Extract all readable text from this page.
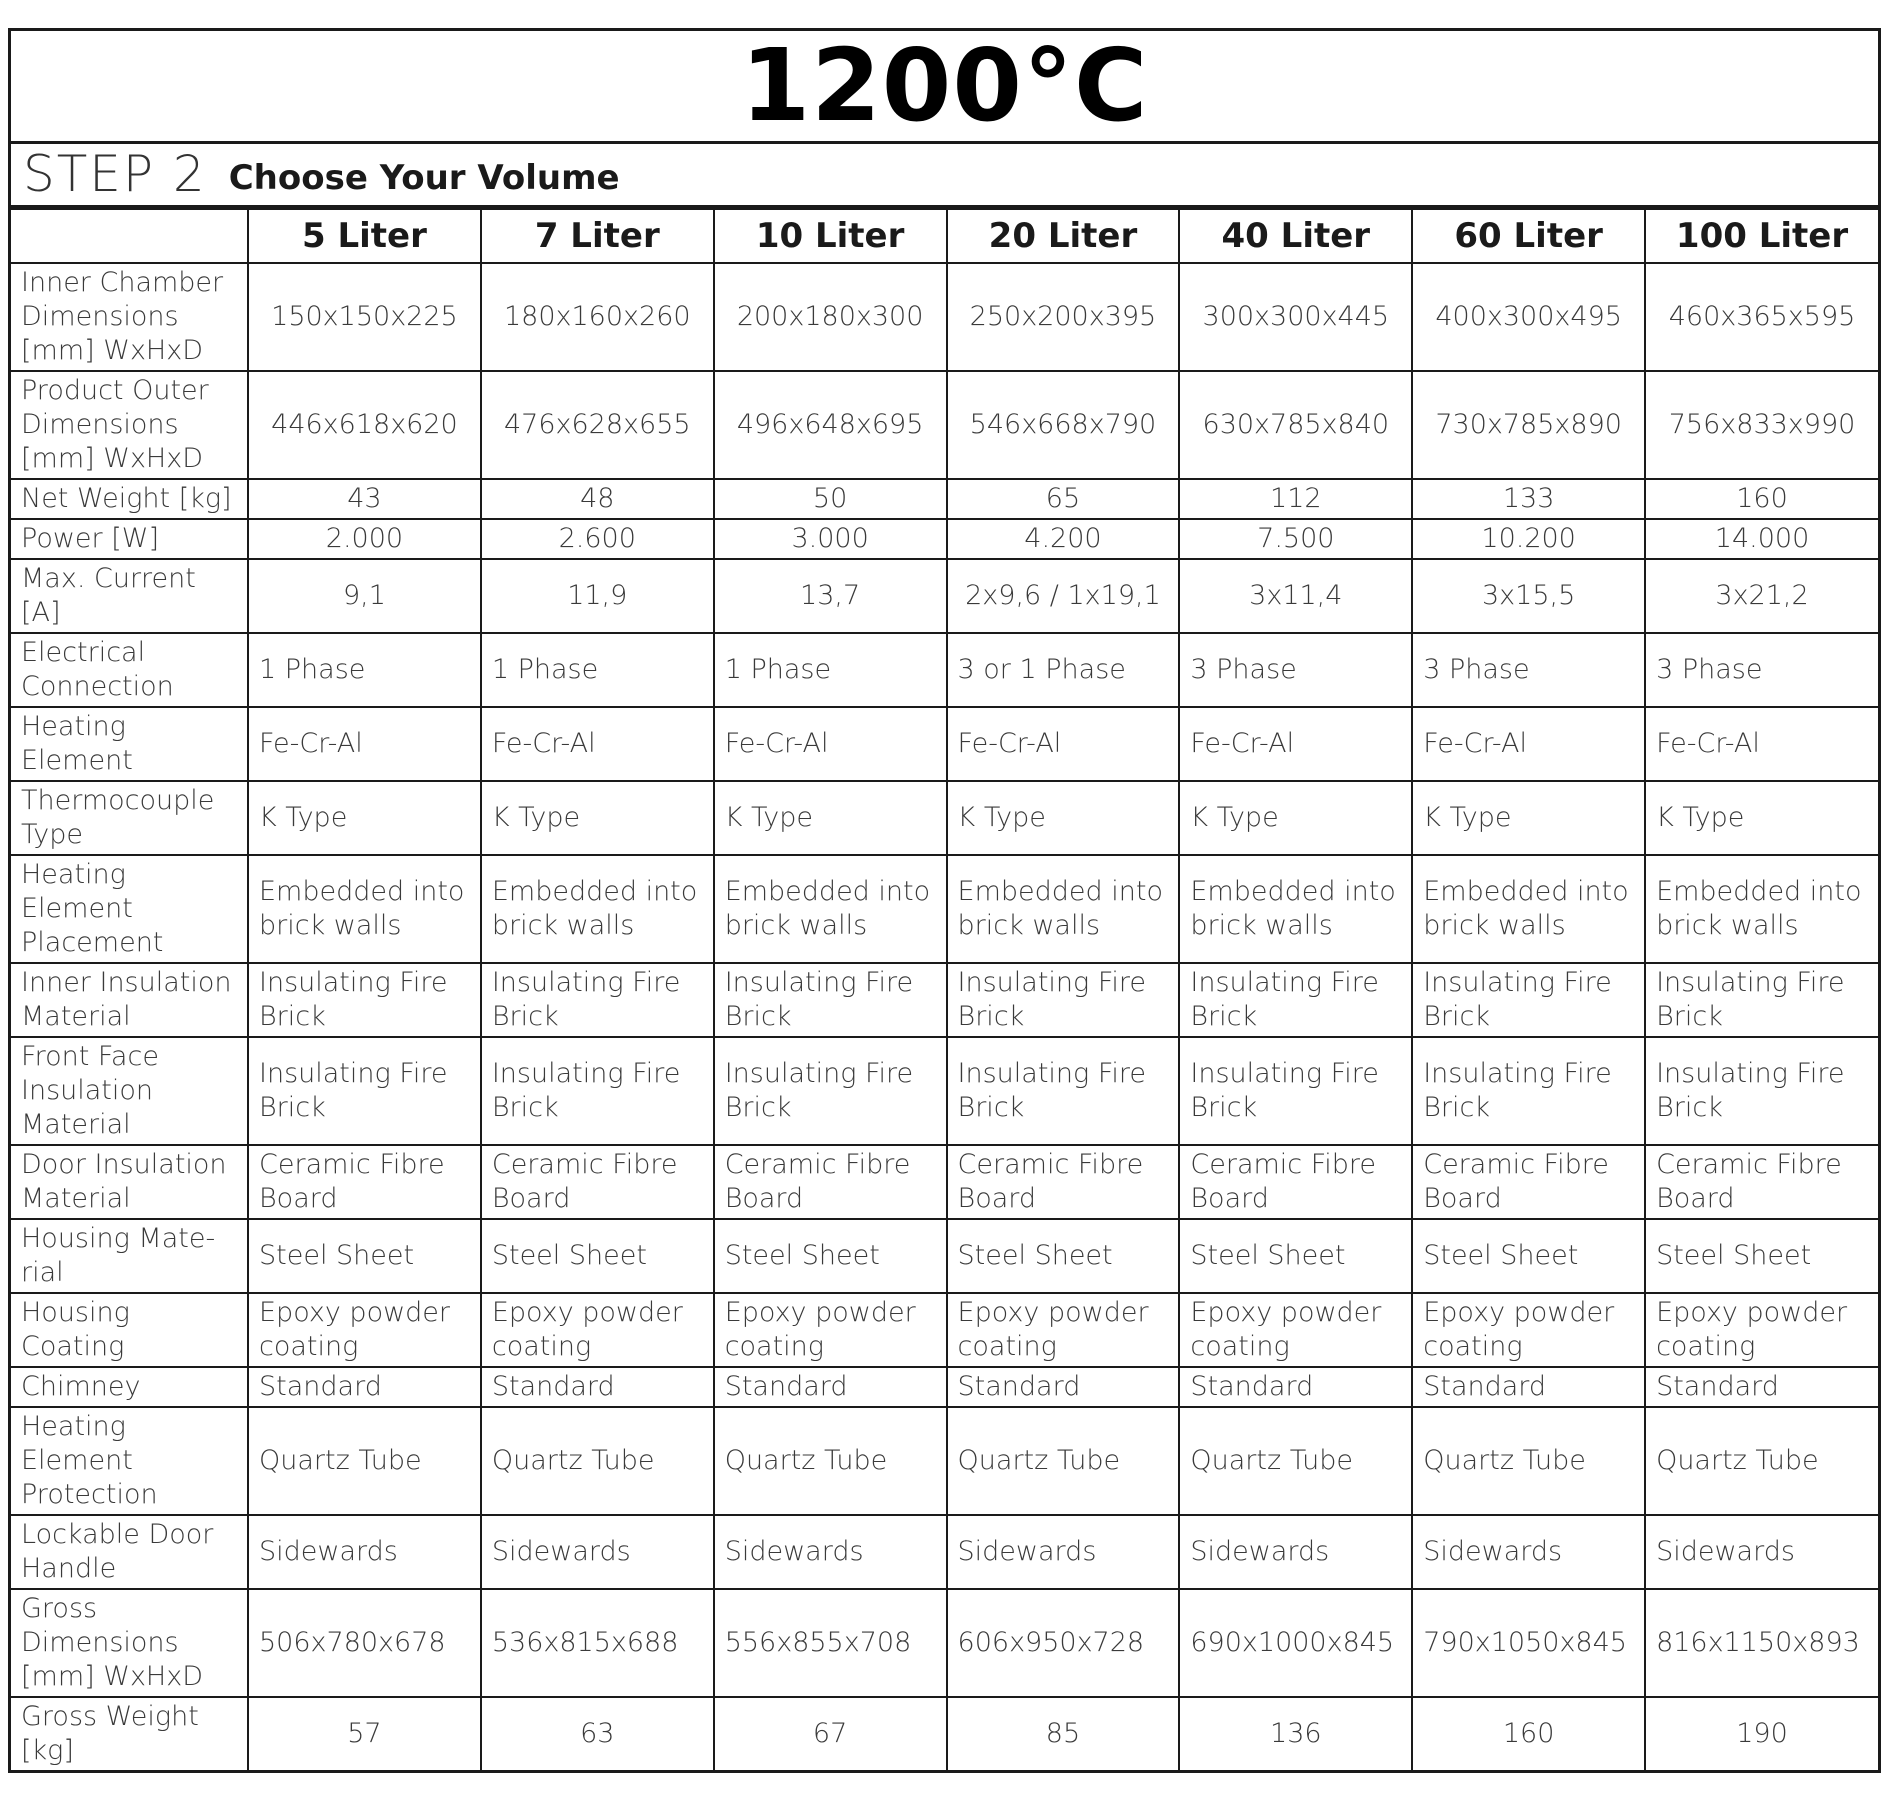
1200°C
STEP 2 Choose Your Volume
	5 Liter	7 Liter	10 Liter	20 Liter	40 Liter	60 Liter	100 Liter
Inner Chamber Dimensions [mm] WxHxD	150x150x225	180x160x260	200x180x300	250x200x395	300x300x445	400x300x495	460x365x595
Product Outer Dimensions [mm] WxHxD	446x618x620	476x628x655	496x648x695	546x668x790	630x785x840	730x785x890	756x833x990
Net Weight [kg]	43	48	50	65	112	133	160
Power [W]	2.000	2.600	3.000	4.200	7.500	10.200	14.000
Max. Current [A]	9,1	11,9	13,7	2x9,6 / 1x19,1	3x11,4	3x15,5	3x21,2
Electrical Connection	1 Phase	1 Phase	1 Phase	3 or 1 Phase	3 Phase	3 Phase	3 Phase
Heating Element	Fe-Cr-Al	Fe-Cr-Al	Fe-Cr-Al	Fe-Cr-Al	Fe-Cr-Al	Fe-Cr-Al	Fe-Cr-Al
Thermocouple Type	K Type	K Type	K Type	K Type	K Type	K Type	K Type
Heating Element Placement	Embedded into brick walls	Embedded into brick walls	Embedded into brick walls	Embedded into brick walls	Embedded into brick walls	Embedded into brick walls	Embedded into brick walls
Inner Insulation Material	Insulating Fire Brick	Insulating Fire Brick	Insulating Fire Brick	Insulating Fire Brick	Insulating Fire Brick	Insulating Fire Brick	Insulating Fire Brick
Front Face Insulation Material	Insulating Fire Brick	Insulating Fire Brick	Insulating Fire Brick	Insulating Fire Brick	Insulating Fire Brick	Insulating Fire Brick	Insulating Fire Brick
Door Insulation Material	Ceramic Fibre Board	Ceramic Fibre Board	Ceramic Fibre Board	Ceramic Fibre Board	Ceramic Fibre Board	Ceramic Fibre Board	Ceramic Fibre Board
Housing Mate-rial	Steel Sheet	Steel Sheet	Steel Sheet	Steel Sheet	Steel Sheet	Steel Sheet	Steel Sheet
Housing Coating	Epoxy powder coating	Epoxy powder coating	Epoxy powder coating	Epoxy powder coating	Epoxy powder coating	Epoxy powder coating	Epoxy powder coating
Chimney	Standard	Standard	Standard	Standard	Standard	Standard	Standard
Heating Element Protection	Quartz Tube	Quartz Tube	Quartz Tube	Quartz Tube	Quartz Tube	Quartz Tube	Quartz Tube
Lockable Door Handle	Sidewards	Sidewards	Sidewards	Sidewards	Sidewards	Sidewards	Sidewards
Gross Dimensions [mm] WxHxD	506x780x678	536x815x688	556x855x708	606x950x728	690x1000x845	790x1050x845	816x1150x893
Gross Weight [kg]	57	63	67	85	136	160	190
